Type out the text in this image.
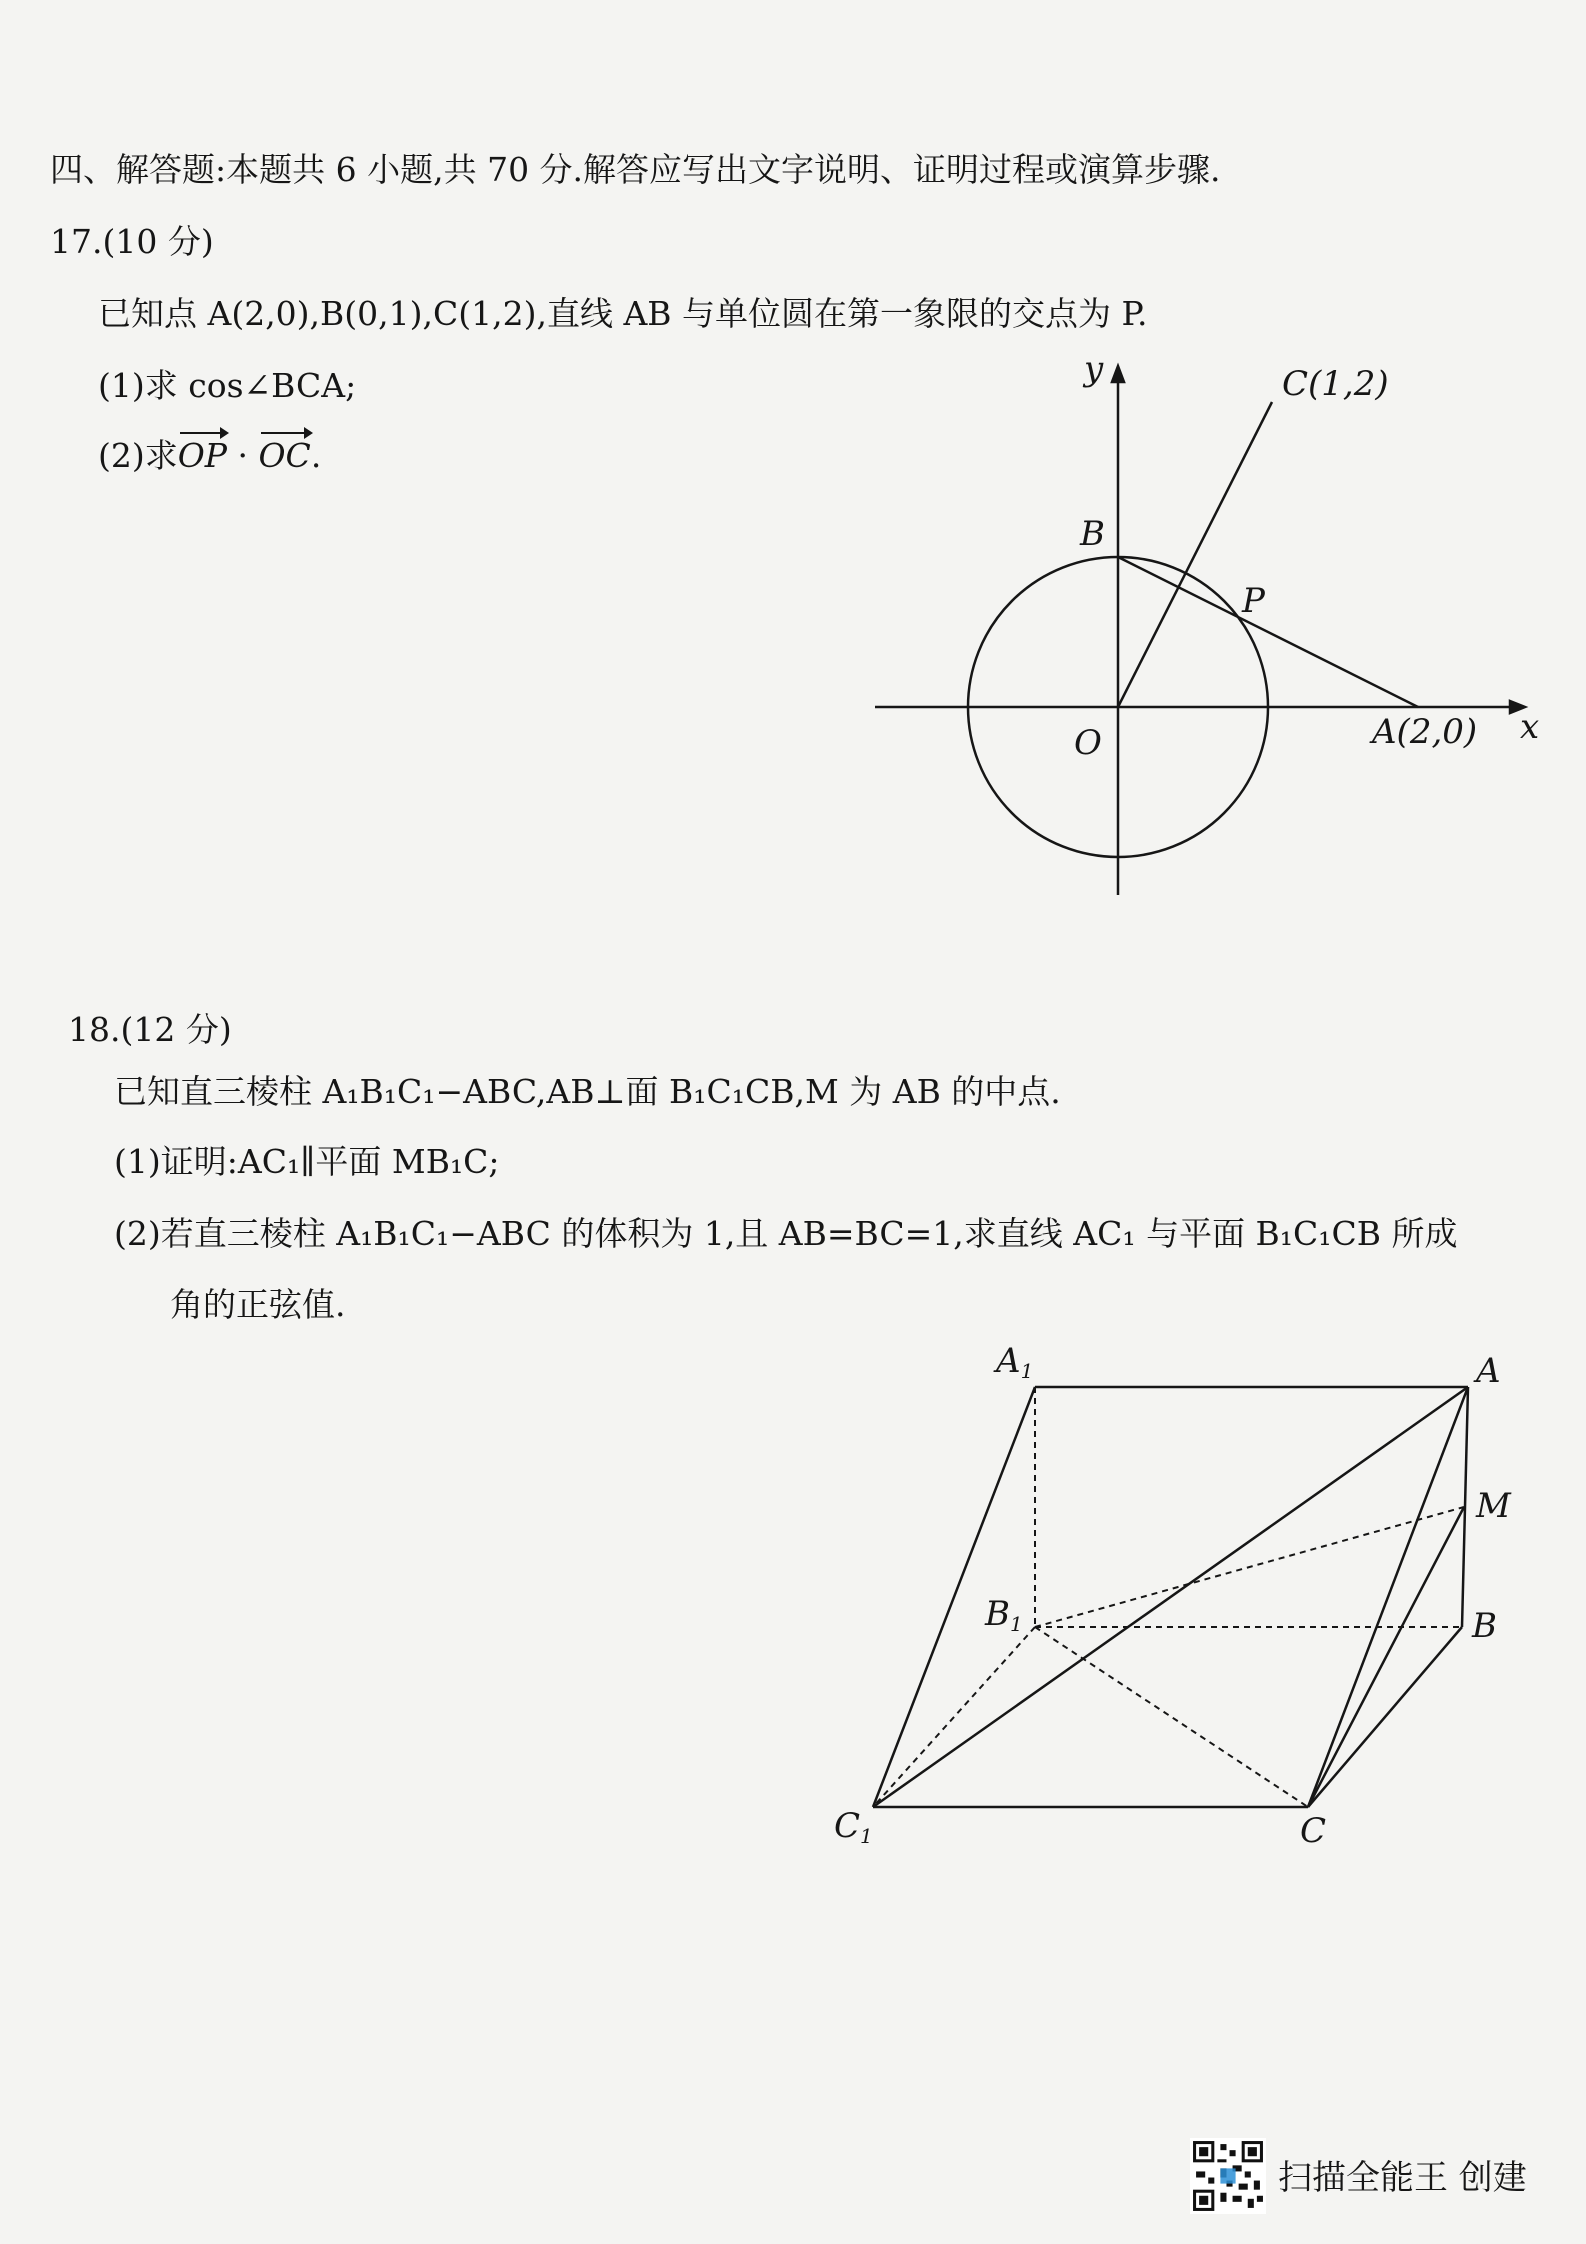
四、解答题:本题共 6 小题,共 70 分.解答应写出文字说明、证明过程或演算步骤.
17.(10 分)
已知点 A(2,0),B(0,1),C(1,2),直线 AB 与单位圆在第一象限的交点为 P.
(1)求 cos∠BCA;
(2)求OP · OC.
y	C(1,2)
B
P
O	A(2,0) x
18.(12 分)
已知直三棱柱 A₁B₁C₁−ABC,AB⊥面 B₁C₁CB,M 为 AB 的中点.
(1)证明:AC₁∥平面 MB₁C;
(2)若直三棱柱 A₁B₁C₁−ABC 的体积为 1,且 AB=BC=1,求直线 AC₁ 与平面 B₁C₁CB 所成
角的正弦值.
A1	A
M
B1	B
C1	C
扫描全能王 创建
